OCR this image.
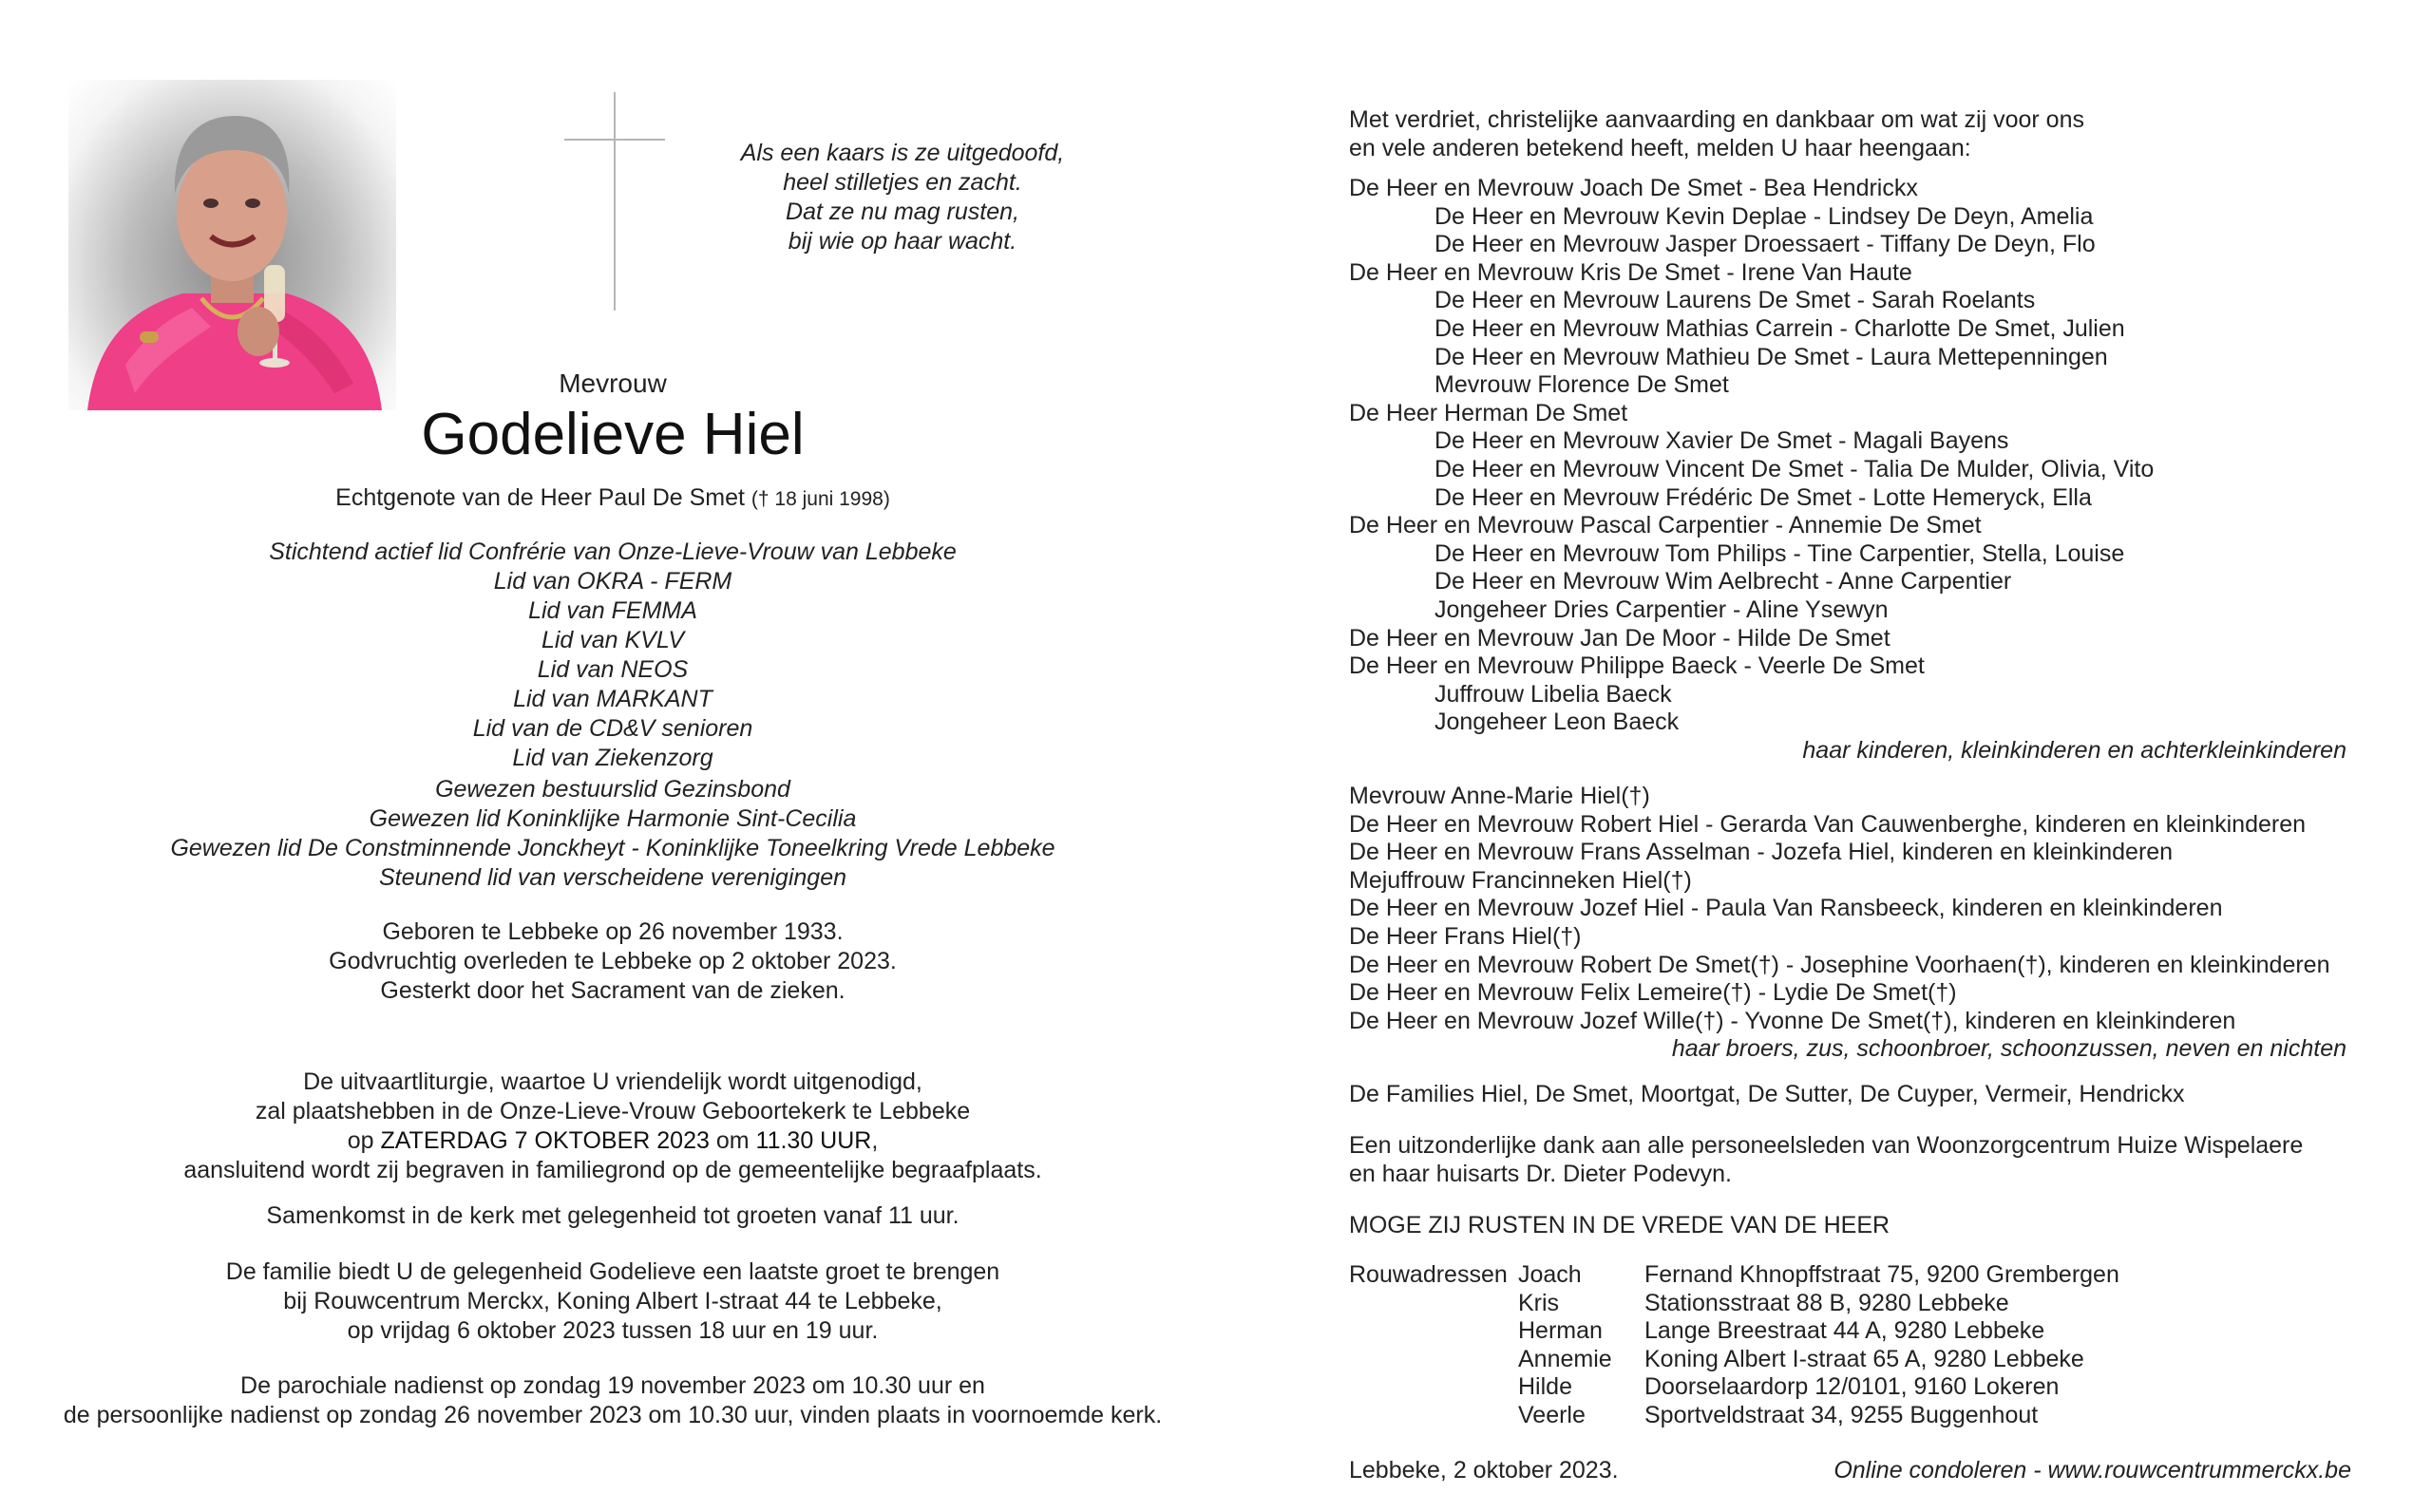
Als een kaars is ze uitgedoofd,
heel stilletjes en zacht.
Dat ze nu mag rusten,
bij wie op haar wacht.
Mevrouw
Godelieve Hiel
Echtgenote van de Heer Paul De Smet († 18 juni 1998)
Stichtend actief lid Confrérie van Onze-Lieve-Vrouw van Lebbeke
Lid van OKRA - FERM
Lid van FEMMA
Lid van KVLV
Lid van NEOS
Lid van MARKANT
Lid van de CD&V senioren
Lid van Ziekenzorg
Gewezen bestuurslid Gezinsbond
Gewezen lid Koninklijke Harmonie Sint-Cecilia
Gewezen lid De Constminnende Jonckheyt - Koninklijke Toneelkring Vrede Lebbeke
Steunend lid van verscheidene verenigingen
Geboren te Lebbeke op 26 november 1933.
Godvruchtig overleden te Lebbeke op 2 oktober 2023.
Gesterkt door het Sacrament van de zieken.
De uitvaartliturgie, waartoe U vriendelijk wordt uitgenodigd,
zal plaatshebben in de Onze-Lieve-Vrouw Geboortekerk te Lebbeke
op ZATERDAG 7 OKTOBER 2023 om 11.30 UUR,
aansluitend wordt zij begraven in familiegrond op de gemeentelijke begraafplaats.
Samenkomst in de kerk met gelegenheid tot groeten vanaf 11 uur.
De familie biedt U de gelegenheid Godelieve een laatste groet te brengen
bij Rouwcentrum Merckx, Koning Albert I-straat 44 te Lebbeke,
op vrijdag 6 oktober 2023 tussen 18 uur en 19 uur.
De parochiale nadienst op zondag 19 november 2023 om 10.30 uur en
de persoonlijke nadienst op zondag 26 november 2023 om 10.30 uur, vinden plaats in voornoemde kerk.
Met verdriet, christelijke aanvaarding en dankbaar om wat zij voor ons
en vele anderen betekend heeft, melden U haar heengaan:
De Heer en Mevrouw Joach De Smet - Bea Hendrickx
De Heer en Mevrouw Kevin Deplae - Lindsey De Deyn, Amelia
De Heer en Mevrouw Jasper Droessaert - Tiffany De Deyn, Flo
De Heer en Mevrouw Kris De Smet - Irene Van Haute
De Heer en Mevrouw Laurens De Smet - Sarah Roelants
De Heer en Mevrouw Mathias Carrein - Charlotte De Smet, Julien
De Heer en Mevrouw Mathieu De Smet - Laura Mettepenningen
Mevrouw Florence De Smet
De Heer Herman De Smet
De Heer en Mevrouw Xavier De Smet - Magali Bayens
De Heer en Mevrouw Vincent De Smet - Talia De Mulder, Olivia, Vito
De Heer en Mevrouw Frédéric De Smet - Lotte Hemeryck, Ella
De Heer en Mevrouw Pascal Carpentier - Annemie De Smet
De Heer en Mevrouw Tom Philips - Tine Carpentier, Stella, Louise
De Heer en Mevrouw Wim Aelbrecht - Anne Carpentier
Jongeheer Dries Carpentier - Aline Ysewyn
De Heer en Mevrouw Jan De Moor - Hilde De Smet
De Heer en Mevrouw Philippe Baeck - Veerle De Smet
Juffrouw Libelia Baeck
Jongeheer Leon Baeck
haar kinderen, kleinkinderen en achterkleinkinderen
Mevrouw Anne-Marie Hiel(†)
De Heer en Mevrouw Robert Hiel - Gerarda Van Cauwenberghe, kinderen en kleinkinderen
De Heer en Mevrouw Frans Asselman - Jozefa Hiel, kinderen en kleinkinderen
Mejuffrouw Francinneken Hiel(†)
De Heer en Mevrouw Jozef Hiel - Paula Van Ransbeeck, kinderen en kleinkinderen
De Heer Frans Hiel(†)
De Heer en Mevrouw Robert De Smet(†) - Josephine Voorhaen(†), kinderen en kleinkinderen
De Heer en Mevrouw Felix Lemeire(†) - Lydie De Smet(†)
De Heer en Mevrouw Jozef Wille(†) - Yvonne De Smet(†), kinderen en kleinkinderen
haar broers, zus, schoonbroer, schoonzussen, neven en nichten
De Families Hiel, De Smet, Moortgat, De Sutter, De Cuyper, Vermeir, Hendrickx
Een uitzonderlijke dank aan alle personeelsleden van Woonzorgcentrum Huize Wispelaere
en haar huisarts Dr. Dieter Podevyn.
MOGE ZIJ RUSTEN IN DE VREDE VAN DE HEER
Rouwadressen Joach	Fernand Khnopffstraat 75, 9200 Grembergen
Kris	Stationsstraat 88 B, 9280 Lebbeke
Herman	Lange Breestraat 44 A, 9280 Lebbeke
Annemie	Koning Albert I-straat 65 A, 9280 Lebbeke
Hilde	Doorselaardorp 12/0101, 9160 Lokeren
Veerle	Sportveldstraat 34, 9255 Buggenhout
Lebbeke, 2 oktober 2023.	Online condoleren - www.rouwcentrummerckx.be
